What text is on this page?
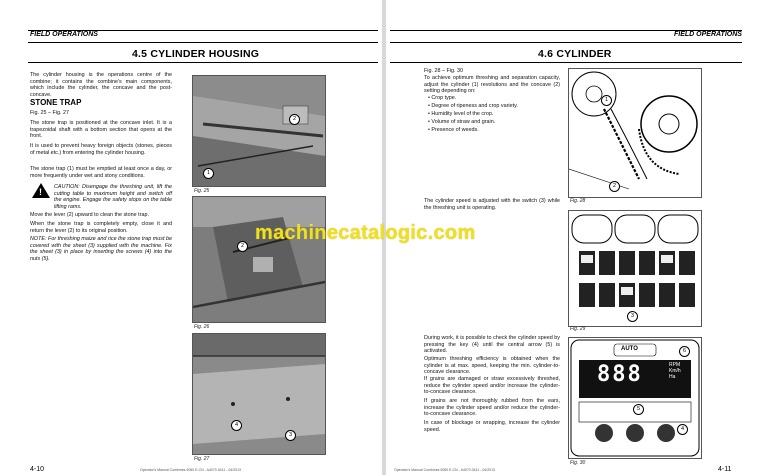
FIELD OPERATIONS
4.5 CYLINDER HOUSING
The cylinder housing is the operations centre of the combine; it contains the combine's main components, which include the cylinder, the concave and the post-concave.
STONE TRAP
Fig. 25 – Fig. 27
The stone trap is positioned at the concave inlet. It is a trapezoidal shaft with a bottom section that opens at the front.
It is used to prevent heavy foreign objects (stones, pieces of metal etc.) from entering the cylinder housing.
The stone trap (1) must be emptied at least once a day, or more frequently under wet and stony conditions.
! CAUTION: Disengage the threshing unit, lift the cutting table to maximum height and switch off the engine. Engage the safety stops on the table lifting rams.
Move the lever (2) upward to clean the stone trap.
When the stone trap is completely empty, close it and return the lever (2) to its original position.
NOTE: For threshing maize and rice the stone trap must be covered with the sheet (3) supplied with the machine. Fix the sheet (3) in place by inserting the screws (4) into the nuts (5).
1
2
Fig. 25
2
Fig. 26
4
3
Fig. 27
4-10	Operator's Manual Combines 9050 E-CN - A4070.0411 - 04/2013
FIELD OPERATIONS
4.6 CYLINDER
Fig. 28 – Fig. 30
To achieve optimum threshing and separation capacity, adjust the cylinder (1) revolutions and the concave (2) setting depending on:
• Crop type.
• Degree of ripeness and crop variety.
• Humidity level of the crop.
• Volume of straw and grain.
• Presence of weeds.
The cylinder speed is adjusted with the switch (3) while the threshing unit is operating.
During work, it is possible to check the cylinder speed by pressing the key (4) until the central arrow (5) is activated.
Optimum threshing efficiency is obtained when the cylinder is at max. speed, keeping the min. cylinder-to-concave clearance.
If grains are damaged or straw excessively threshed, reduce the cylinder speed and/or increase the cylinder-to-concave clearance.
If grains are not thoroughly rubbed from the ears, increase the cylinder speed and/or reduce the cylinder-to-concave clearance.
In case of blockage or wrapping, increase the cylinder speed.
1
2
Fig. 28
3
Fig. 29
888	RPM
Km/h
Ha
AUTO	6
5
4
Fig. 30
4-11
Operator's Manual Combines 9050 E-CN - A4070.0411 - 04/2013
machinecatalogic.com
